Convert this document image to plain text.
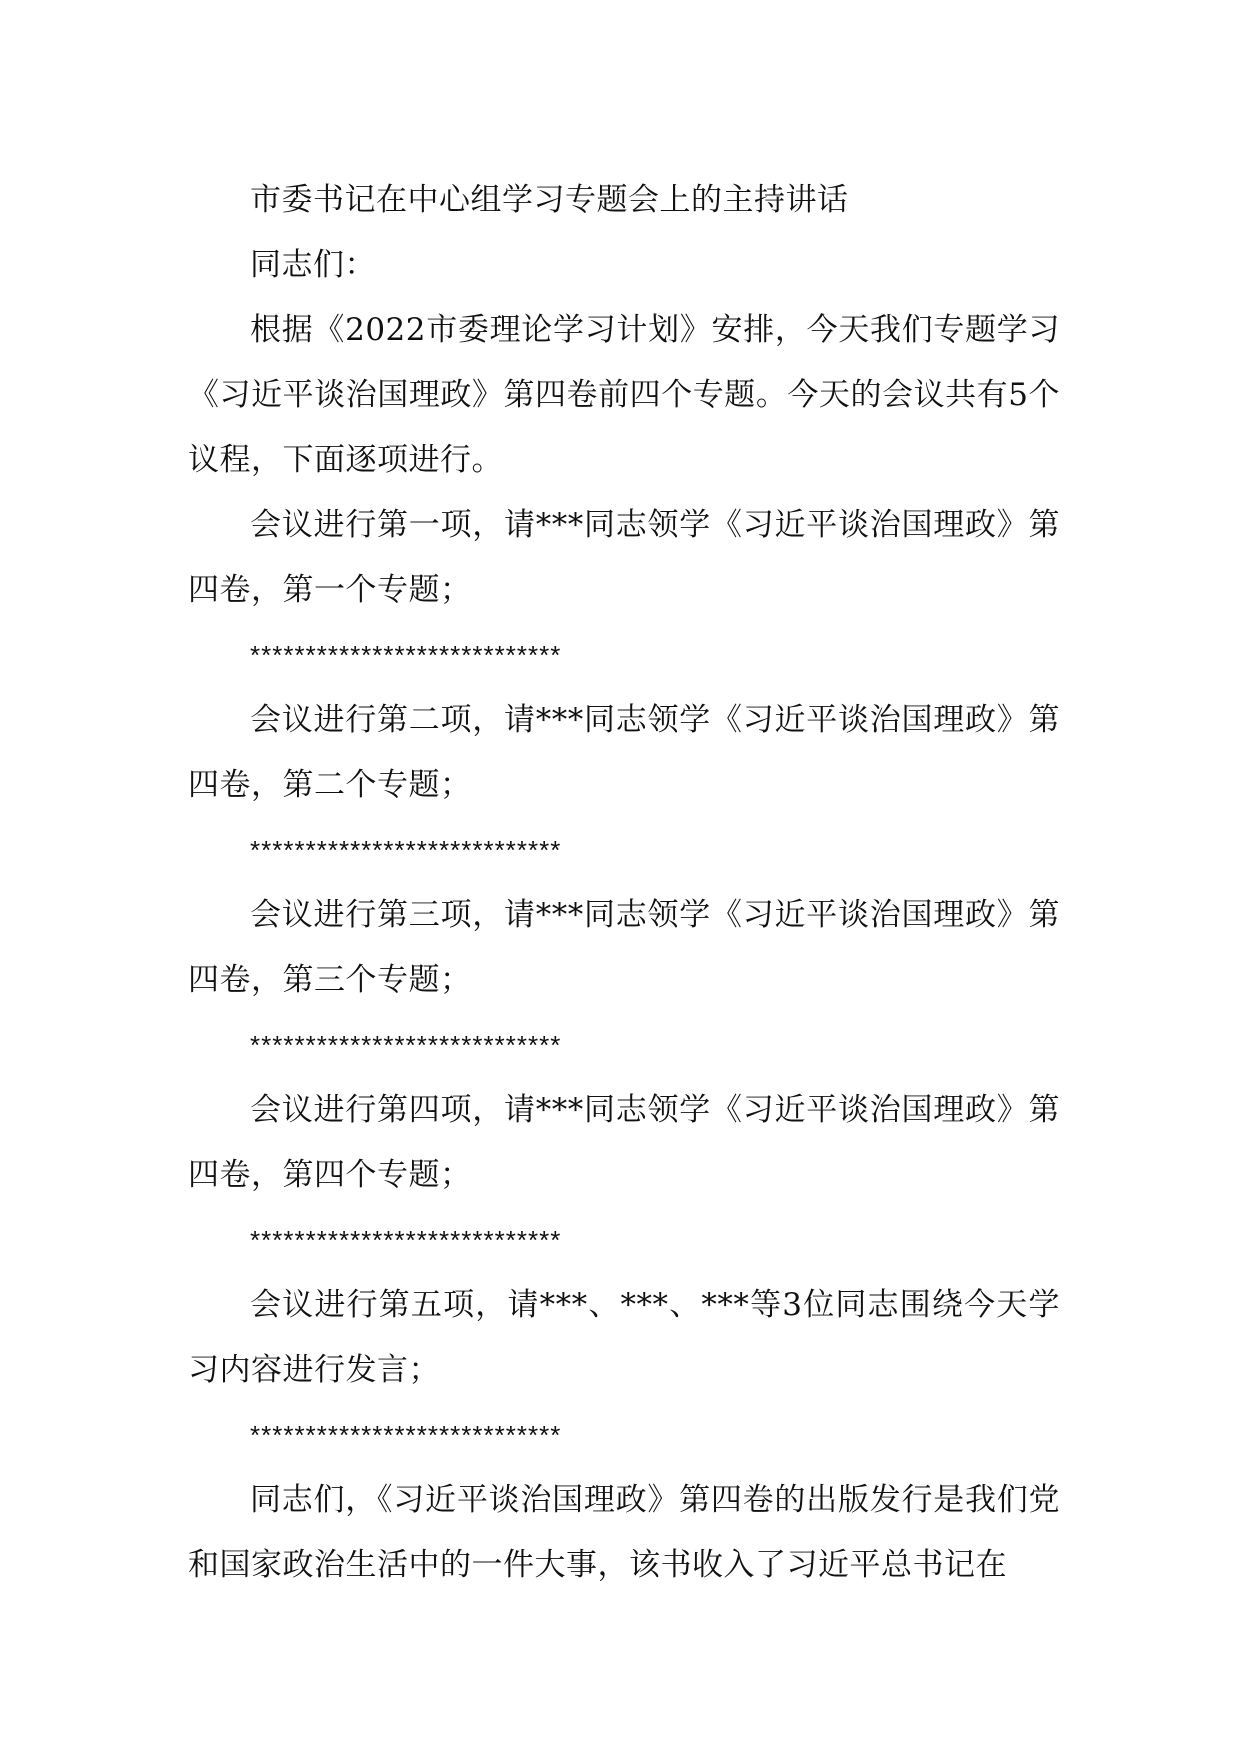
市委书记在中心组学习专题会上的主持讲话

同志们：

根据《2022市委理论学习计划》安排，今天我们专题学习《习近平谈治国理政》第四卷前四个专题。今天的会议共有5个议程，下面逐项进行。

会议进行第一项，请***同志领学《习近平谈治国理政》第四卷，第一个专题；

****************************

会议进行第二项，请***同志领学《习近平谈治国理政》第四卷，第二个专题；

****************************

会议进行第三项，请***同志领学《习近平谈治国理政》第四卷，第三个专题；

****************************

会议进行第四项，请***同志领学《习近平谈治国理政》第四卷，第四个专题；

****************************

会议进行第五项，请***、***、***等3位同志围绕今天学习内容进行发言；

****************************

同志们，《习近平谈治国理政》第四卷的出版发行是我们党和国家政治生活中的一件大事，该书收入了习近平总书记在
